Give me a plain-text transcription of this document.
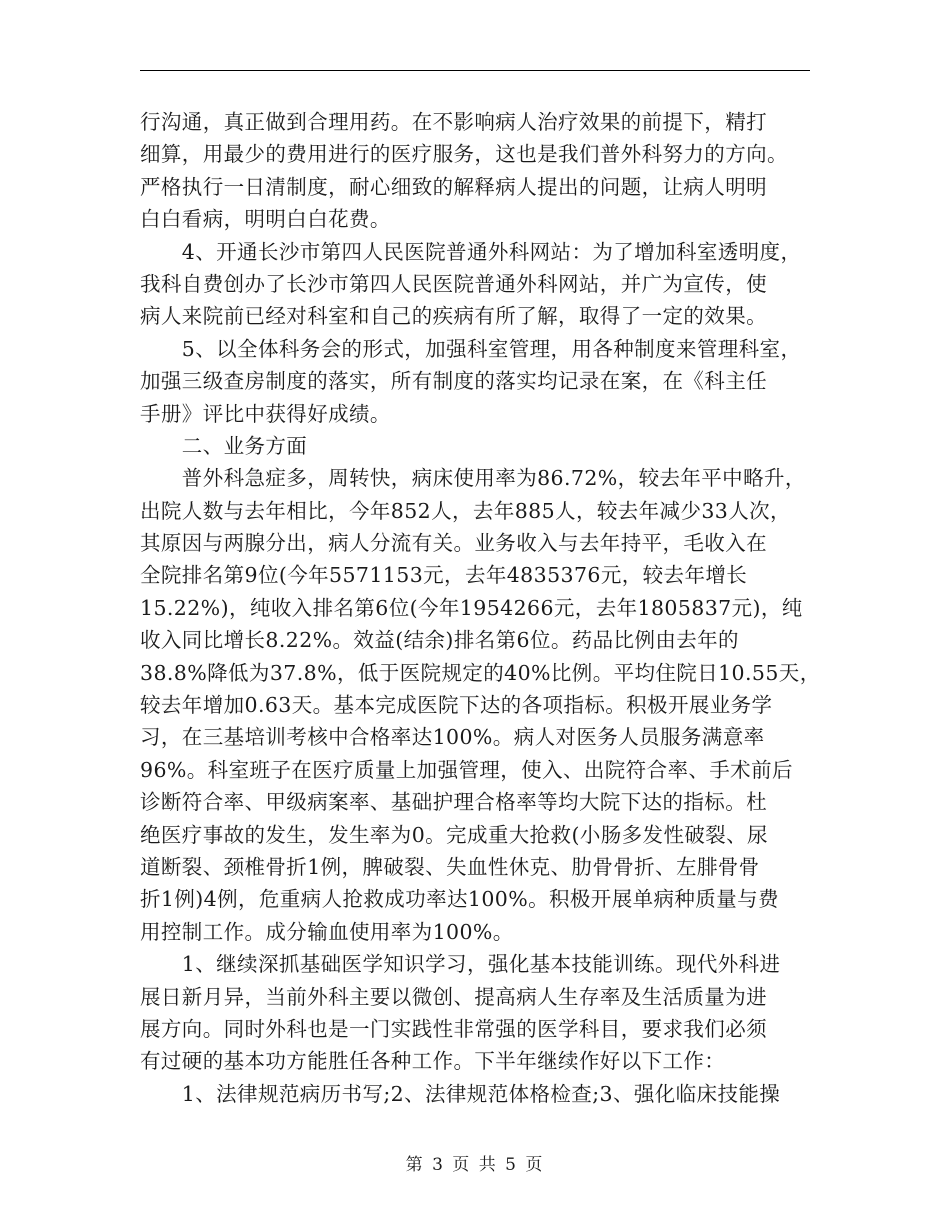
行沟通，真正做到合理用药。在不影响病人治疗效果的前提下，精打
细算，用最少的费用进行的医疗服务，这也是我们普外科努力的方向。
严格执行一日清制度，耐心细致的解释病人提出的问题，让病人明明
白白看病，明明白白花费。
　　4、开通长沙市第四人民医院普通外科网站：为了增加科室透明度，
我科自费创办了长沙市第四人民医院普通外科网站，并广为宣传，使
病人来院前已经对科室和自己的疾病有所了解，取得了一定的效果。
　　5、以全体科务会的形式，加强科室管理，用各种制度来管理科室，
加强三级查房制度的落实，所有制度的落实均记录在案，在《科主任
手册》评比中获得好成绩。
　　二、业务方面
　　普外科急症多，周转快，病床使用率为86.72%，较去年平中略升，
出院人数与去年相比，今年852人，去年885人，较去年减少33人次，
其原因与两腺分出，病人分流有关。业务收入与去年持平，毛收入在
全院排名第9位(今年5571153元，去年4835376元，较去年增长
15.22%)，纯收入排名第6位(今年1954266元，去年1805837元)，纯
收入同比增长8.22%。效益(结余)排名第6位。药品比例由去年的
38.8%降低为37.8%，低于医院规定的40%比例。平均住院日10.55天，
较去年增加0.63天。基本完成医院下达的各项指标。积极开展业务学
习，在三基培训考核中合格率达100%。病人对医务人员服务满意率
96%。科室班子在医疗质量上加强管理，使入、出院符合率、手术前后
诊断符合率、甲级病案率、基础护理合格率等均大院下达的指标。杜
绝医疗事故的发生，发生率为0。完成重大抢救(小肠多发性破裂、尿
道断裂、颈椎骨折1例，脾破裂、失血性休克、肋骨骨折、左腓骨骨
折1例)4例，危重病人抢救成功率达100%。积极开展单病种质量与费
用控制工作。成分输血使用率为100%。
　　1、继续深抓基础医学知识学习，强化基本技能训练。现代外科进
展日新月异，当前外科主要以微创、提高病人生存率及生活质量为进
展方向。同时外科也是一门实践性非常强的医学科目，要求我们必须
有过硬的基本功方能胜任各种工作。下半年继续作好以下工作：
　　1、法律规范病历书写;2、法律规范体格检查;3、强化临床技能操
第 3 页 共 5 页
